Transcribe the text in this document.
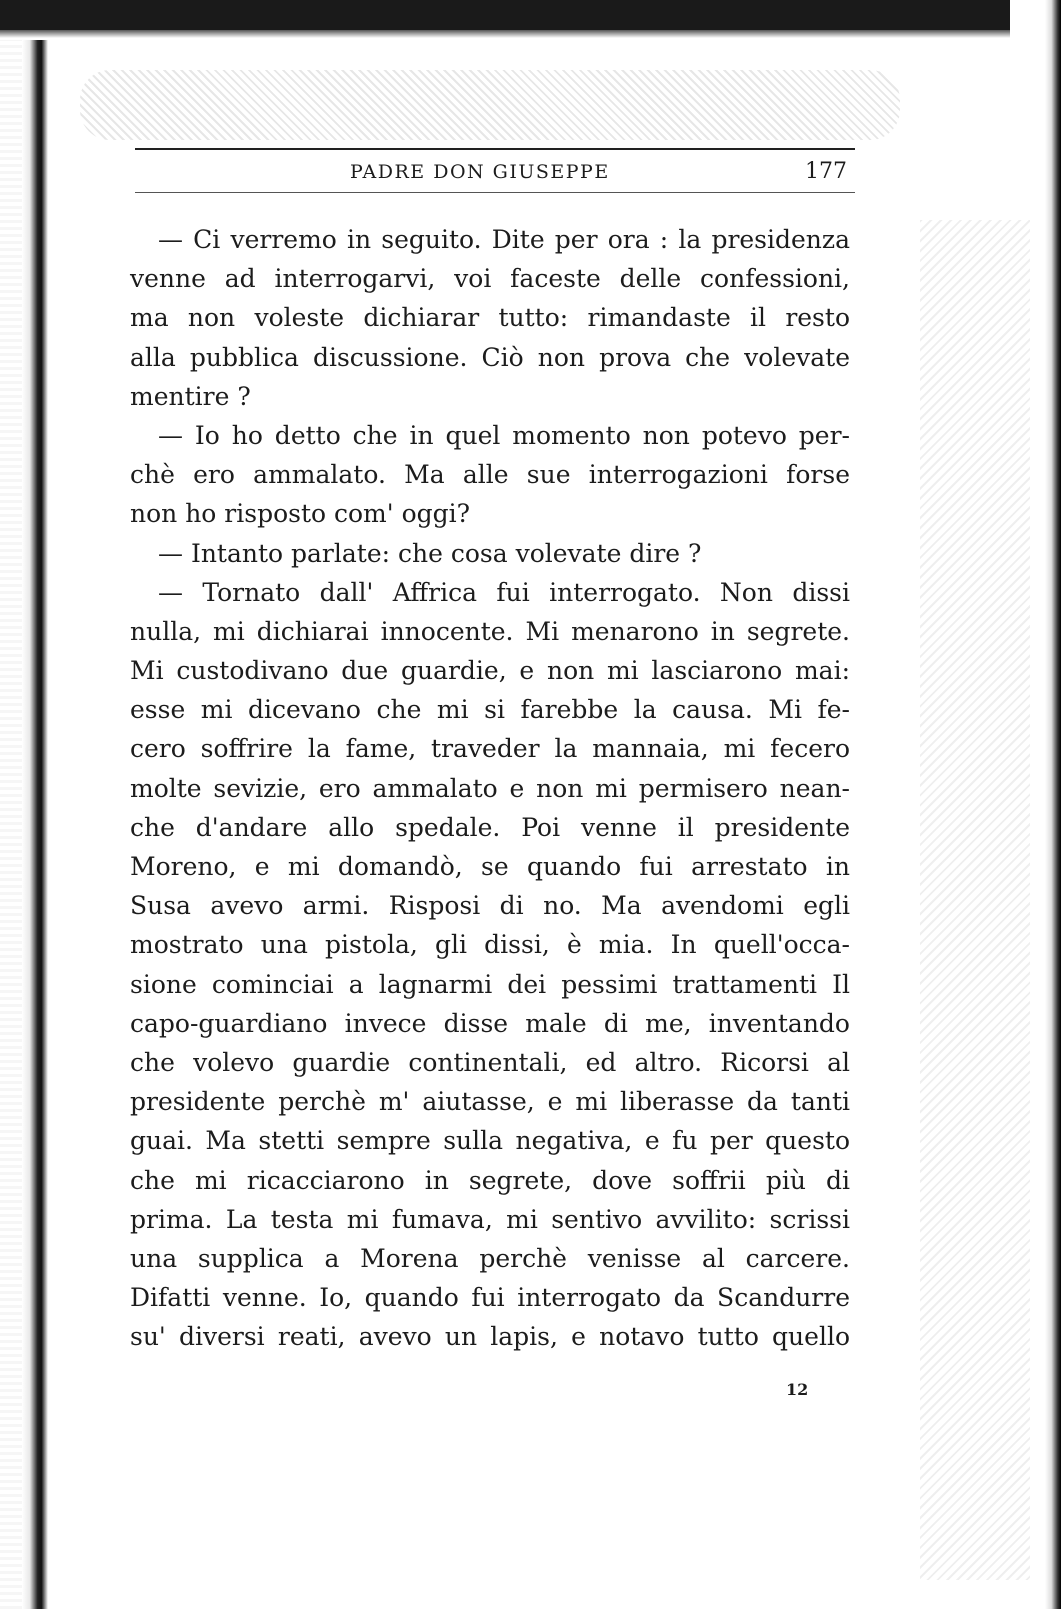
PADRE DON GIUSEPPE	177
— Ci verremo in seguito. Dite per ora : la presidenza
venne ad interrogarvi, voi faceste delle confessioni,
ma non voleste dichiarar tutto: rimandaste il resto
alla pubblica discussione. Ciò non prova che volevate
mentire ?
— Io ho detto che in quel momento non potevo per-
chè ero ammalato. Ma alle sue interrogazioni forse
non ho risposto com' oggi?
— Intanto parlate: che cosa volevate dire ?
— Tornato dall' Affrica fui interrogato. Non dissi
nulla, mi dichiarai innocente. Mi menarono in segrete.
Mi custodivano due guardie, e non mi lasciarono mai:
esse mi dicevano che mi si farebbe la causa. Mi fe-
cero soffrire la fame, traveder la mannaia, mi fecero
molte sevizie, ero ammalato e non mi permisero nean-
che d'andare allo spedale. Poi venne il presidente
Moreno, e mi domandò, se quando fui arrestato in
Susa avevo armi. Risposi di no. Ma avendomi egli
mostrato una pistola, gli dissi, è mia. In quell'occa-
sione cominciai a lagnarmi dei pessimi trattamenti Il
capo-guardiano invece disse male di me, inventando
che volevo guardie continentali, ed altro. Ricorsi al
presidente perchè m' aiutasse, e mi liberasse da tanti
guai. Ma stetti sempre sulla negativa, e fu per questo
che mi ricacciarono in segrete, dove soffrii più di
prima. La testa mi fumava, mi sentivo avvilito: scrissi
una supplica a Morena perchè venisse al carcere.
Difatti venne. Io, quando fui interrogato da Scandurre
su' diversi reati, avevo un lapis, e notavo tutto quello
12
